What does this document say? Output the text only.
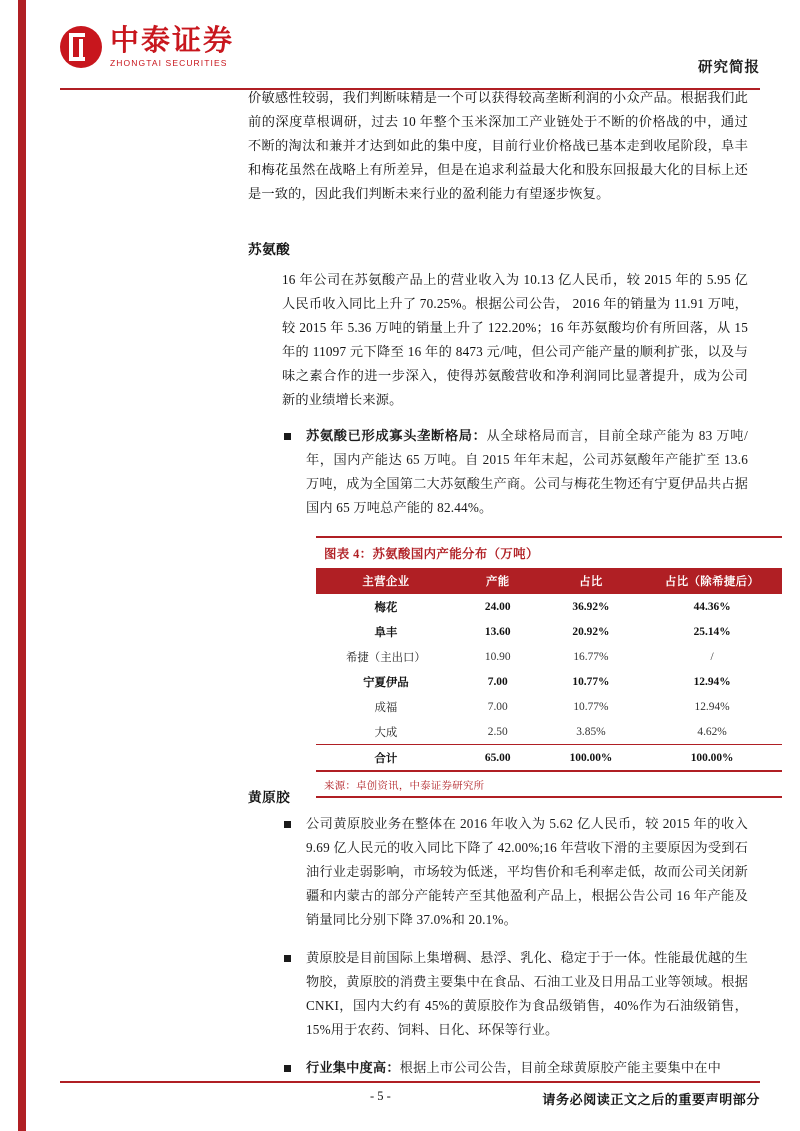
中泰证券
ZHONGTAI SECURITIES	研究简报

价敏感性较弱，我们判断味精是一个可以获得较高垄断利润的小众产品。根据我们此前的深度草根调研，过去 10 年整个玉米深加工产业链处于不断的价格战的中，通过不断的淘汰和兼并才达到如此的集中度，目前行业价格战已基本走到收尾阶段，阜丰和梅花虽然在战略上有所差异，但是在追求利益最大化和股东回报最大化的目标上还是一致的，因此我们判断未来行业的盈利能力有望逐步恢复。

苏氨酸

16 年公司在苏氨酸产品上的营业收入为 10.13 亿人民币，较 2015 年的 5.95 亿人民币收入同比上升了 70.25%。根据公司公告， 2016 年的销量为 11.91 万吨，较 2015 年 5.36 万吨的销量上升了 122.20%；16 年苏氨酸均价有所回落，从 15 年的 11097 元下降至 16 年的 8473 元/吨，但公司产能产量的顺利扩张，以及与味之素合作的进一步深入，使得苏氨酸营收和净利润同比显著提升，成为公司新的业绩增长来源。

苏氨酸已形成寡头垄断格局：从全球格局而言，目前全球产能为 83 万吨/年，国内产能达 65 万吨。自 2015 年年末起，公司苏氨酸年产能扩至 13.6 万吨，成为全国第二大苏氨酸生产商。公司与梅花生物还有宁夏伊品共占据国内 65 万吨总产能的 82.44%。
图表 4：苏氨酸国内产能分布（万吨）
主营企业	产能	占比	占比（除希捷后）
梅花	24.00	36.92%	44.36%
阜丰	13.60	20.92%	25.14%
希捷（主出口）	10.90	16.77%	/
宁夏伊品	7.00	10.77%	12.94%
成福	7.00	10.77%	12.94%
大成	2.50	3.85%	4.62%
合计	65.00	100.00%	100.00%
来源：卓创资讯，中泰证券研究所
黄原胶
公司黄原胶业务在整体在 2016 年收入为 5.62 亿人民币，较 2015 年的收入 9.69 亿人民元的收入同比下降了 42.00%;16 年营收下滑的主要原因为受到石油行业走弱影响，市场较为低迷，平均售价和毛利率走低，故而公司关闭新疆和内蒙古的部分产能转产至其他盈利产品上，根据公告公司 16 年产能及销量同比分别下降 37.0%和 20.1%。
黄原胶是目前国际上集增稠、悬浮、乳化、稳定于于一体。性能最优越的生物胶，黄原胶的消费主要集中在食品、石油工业及日用品工业等领域。根据 CNKI，国内大约有 45%的黄原胶作为食品级销售，40%作为石油级销售，15%用于农药、饲料、日化、环保等行业。
行业集中度高：根据上市公司公告，目前全球黄原胶产能主要集中在中
- 5 -	请务必阅读正文之后的重要声明部分
